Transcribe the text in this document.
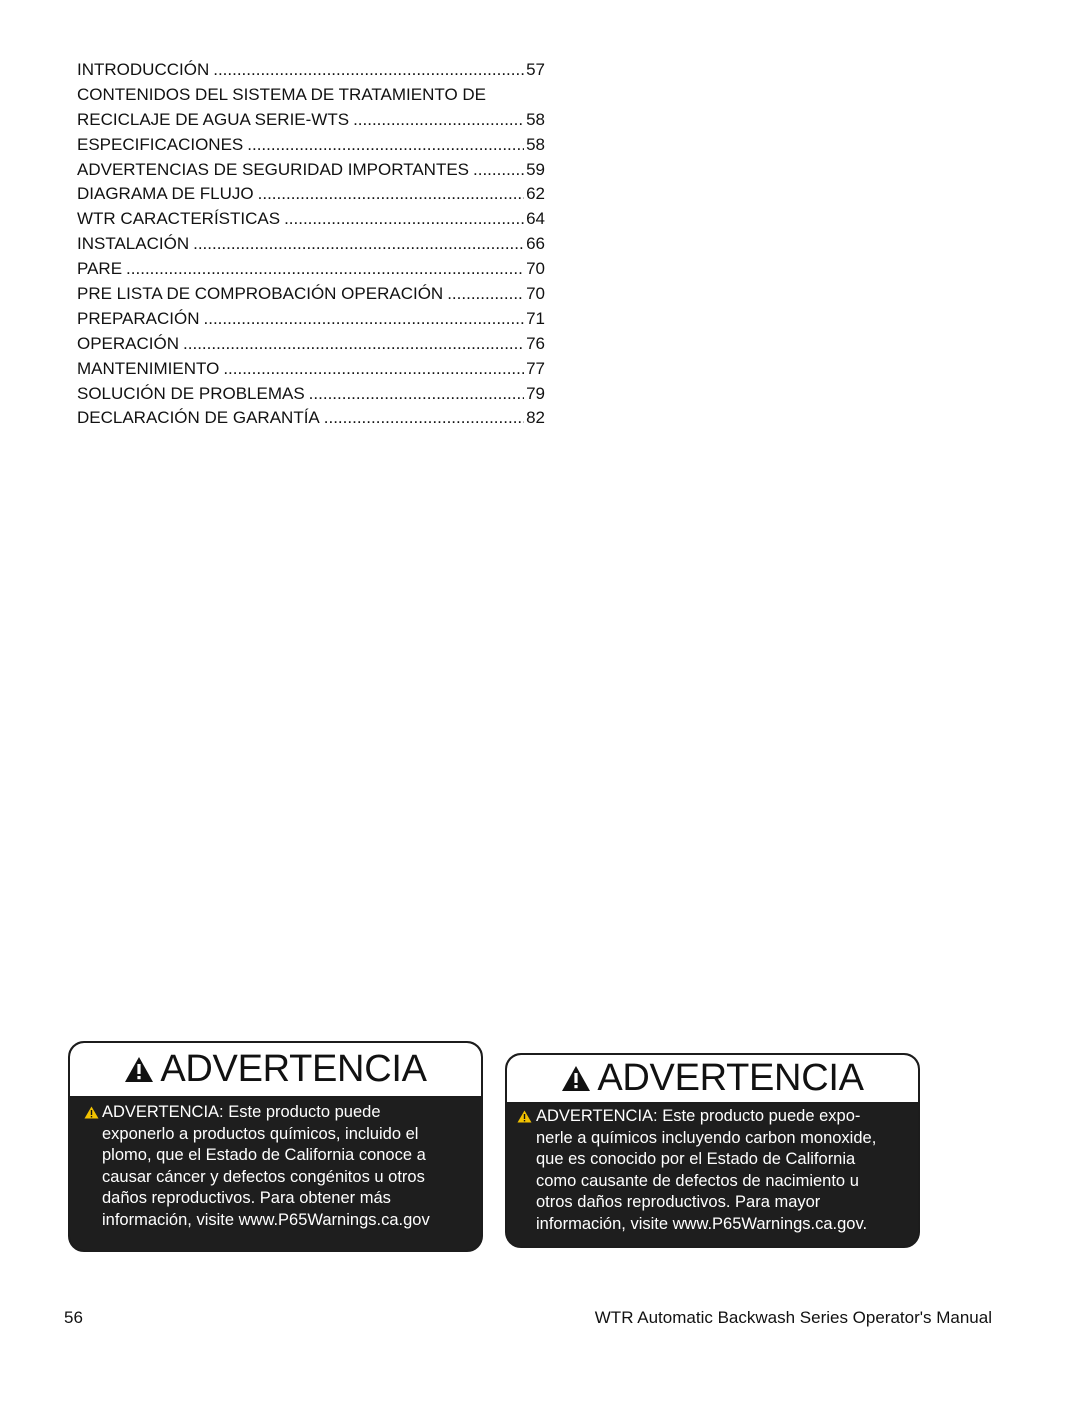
INTRODUCCIÓN .....	57
CONTENIDOS DEL SISTEMA DE TRATAMIENTO DE
RECICLAJE DE AGUA SERIE-WTS .....	58
ESPECIFICACIONES .....	58
ADVERTENCIAS DE SEGURIDAD IMPORTANTES .....	59
DIAGRAMA DE FLUJO .....	62
WTR CARACTERÍSTICAS .....	64
INSTALACIÓN .....	66
PARE .....	70
PRE LISTA DE COMPROBACIÓN OPERACIÓN .....	70
PREPARACIÓN .....	71
OPERACIÓN .....	76
MANTENIMIENTO .....	77
SOLUCIÓN DE PROBLEMAS .....	79
DECLARACIÓN DE GARANTÍA .....	82
ADVERTENCIA

ADVERTENCIA: Este producto puede

exponerlo a productos químicos, incluido el

plomo, que el Estado de California conoce a

causar cáncer y defectos congénitos u otros

daños reproductivos. Para obtener más

información, visite www.P65Warnings.ca.gov

ADVERTENCIA

ADVERTENCIA: Este producto puede expo-

nerle a químicos incluyendo carbon monoxide,

que es conocido por el Estado de California

como causante de defectos de nacimiento u

otros daños reproductivos. Para mayor

información, visite www.P65Warnings.ca.gov.

56	WTR Automatic Backwash Series Operator's Manual
